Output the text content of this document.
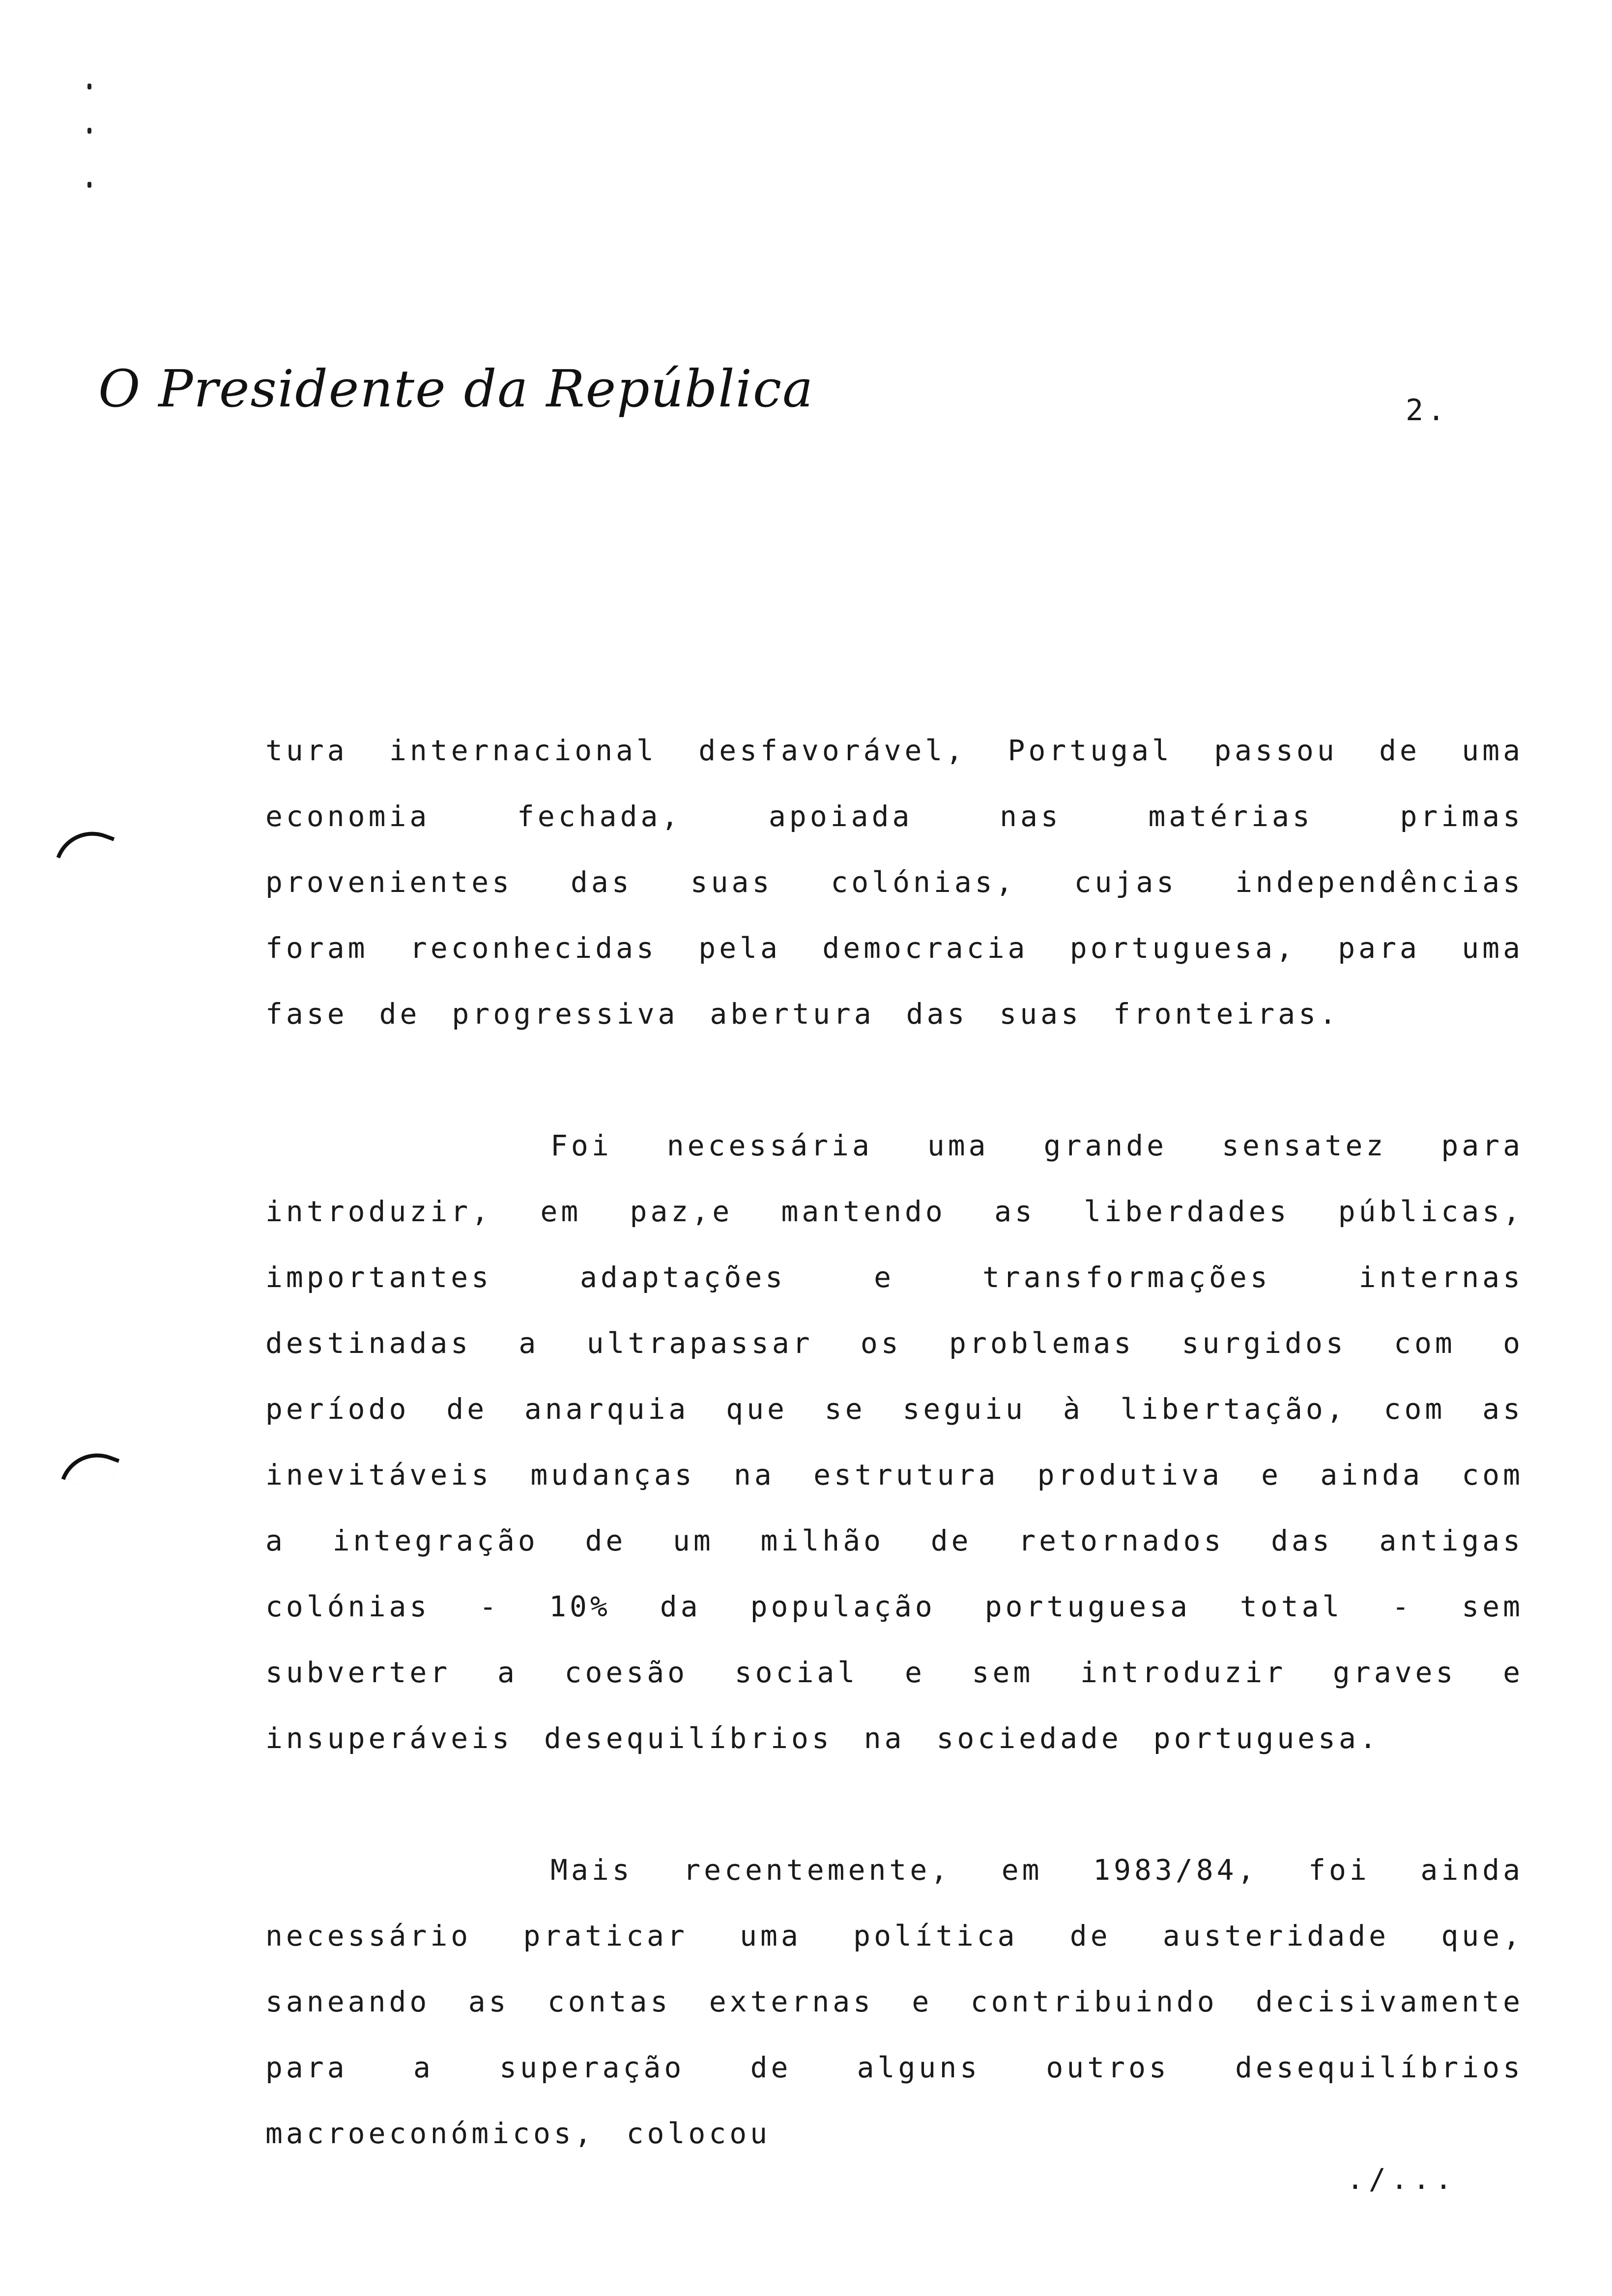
O Presidente da República	2.

tura internacional desfavorável, Portugal passou de uma economia fechada, apoiada nas matérias primas provenientes das suas colónias, cujas independências foram reconhecidas pela democracia portuguesa, para uma fase de progressiva abertura das suas fronteiras.

Foi necessária uma grande sensatez para introduzir, em paz,e mantendo as liberdades públicas, importantes adaptações e transformações internas destinadas a ultrapassar os problemas surgidos com o período de anarquia que se seguiu à libertação, com as inevitáveis mudanças na estrutura produtiva e ainda com a integração de um milhão de retornados das antigas colónias - 10% da população portuguesa total - sem subverter a coesão social e sem introduzir graves e insuperáveis desequilíbrios na sociedade portuguesa.

Mais recentemente, em 1983/84, foi ainda necessário praticar uma política de austeridade que, saneando as contas externas e contribuindo decisivamente para a superação de alguns outros desequilíbrios macroeconómicos, colocou

./...
